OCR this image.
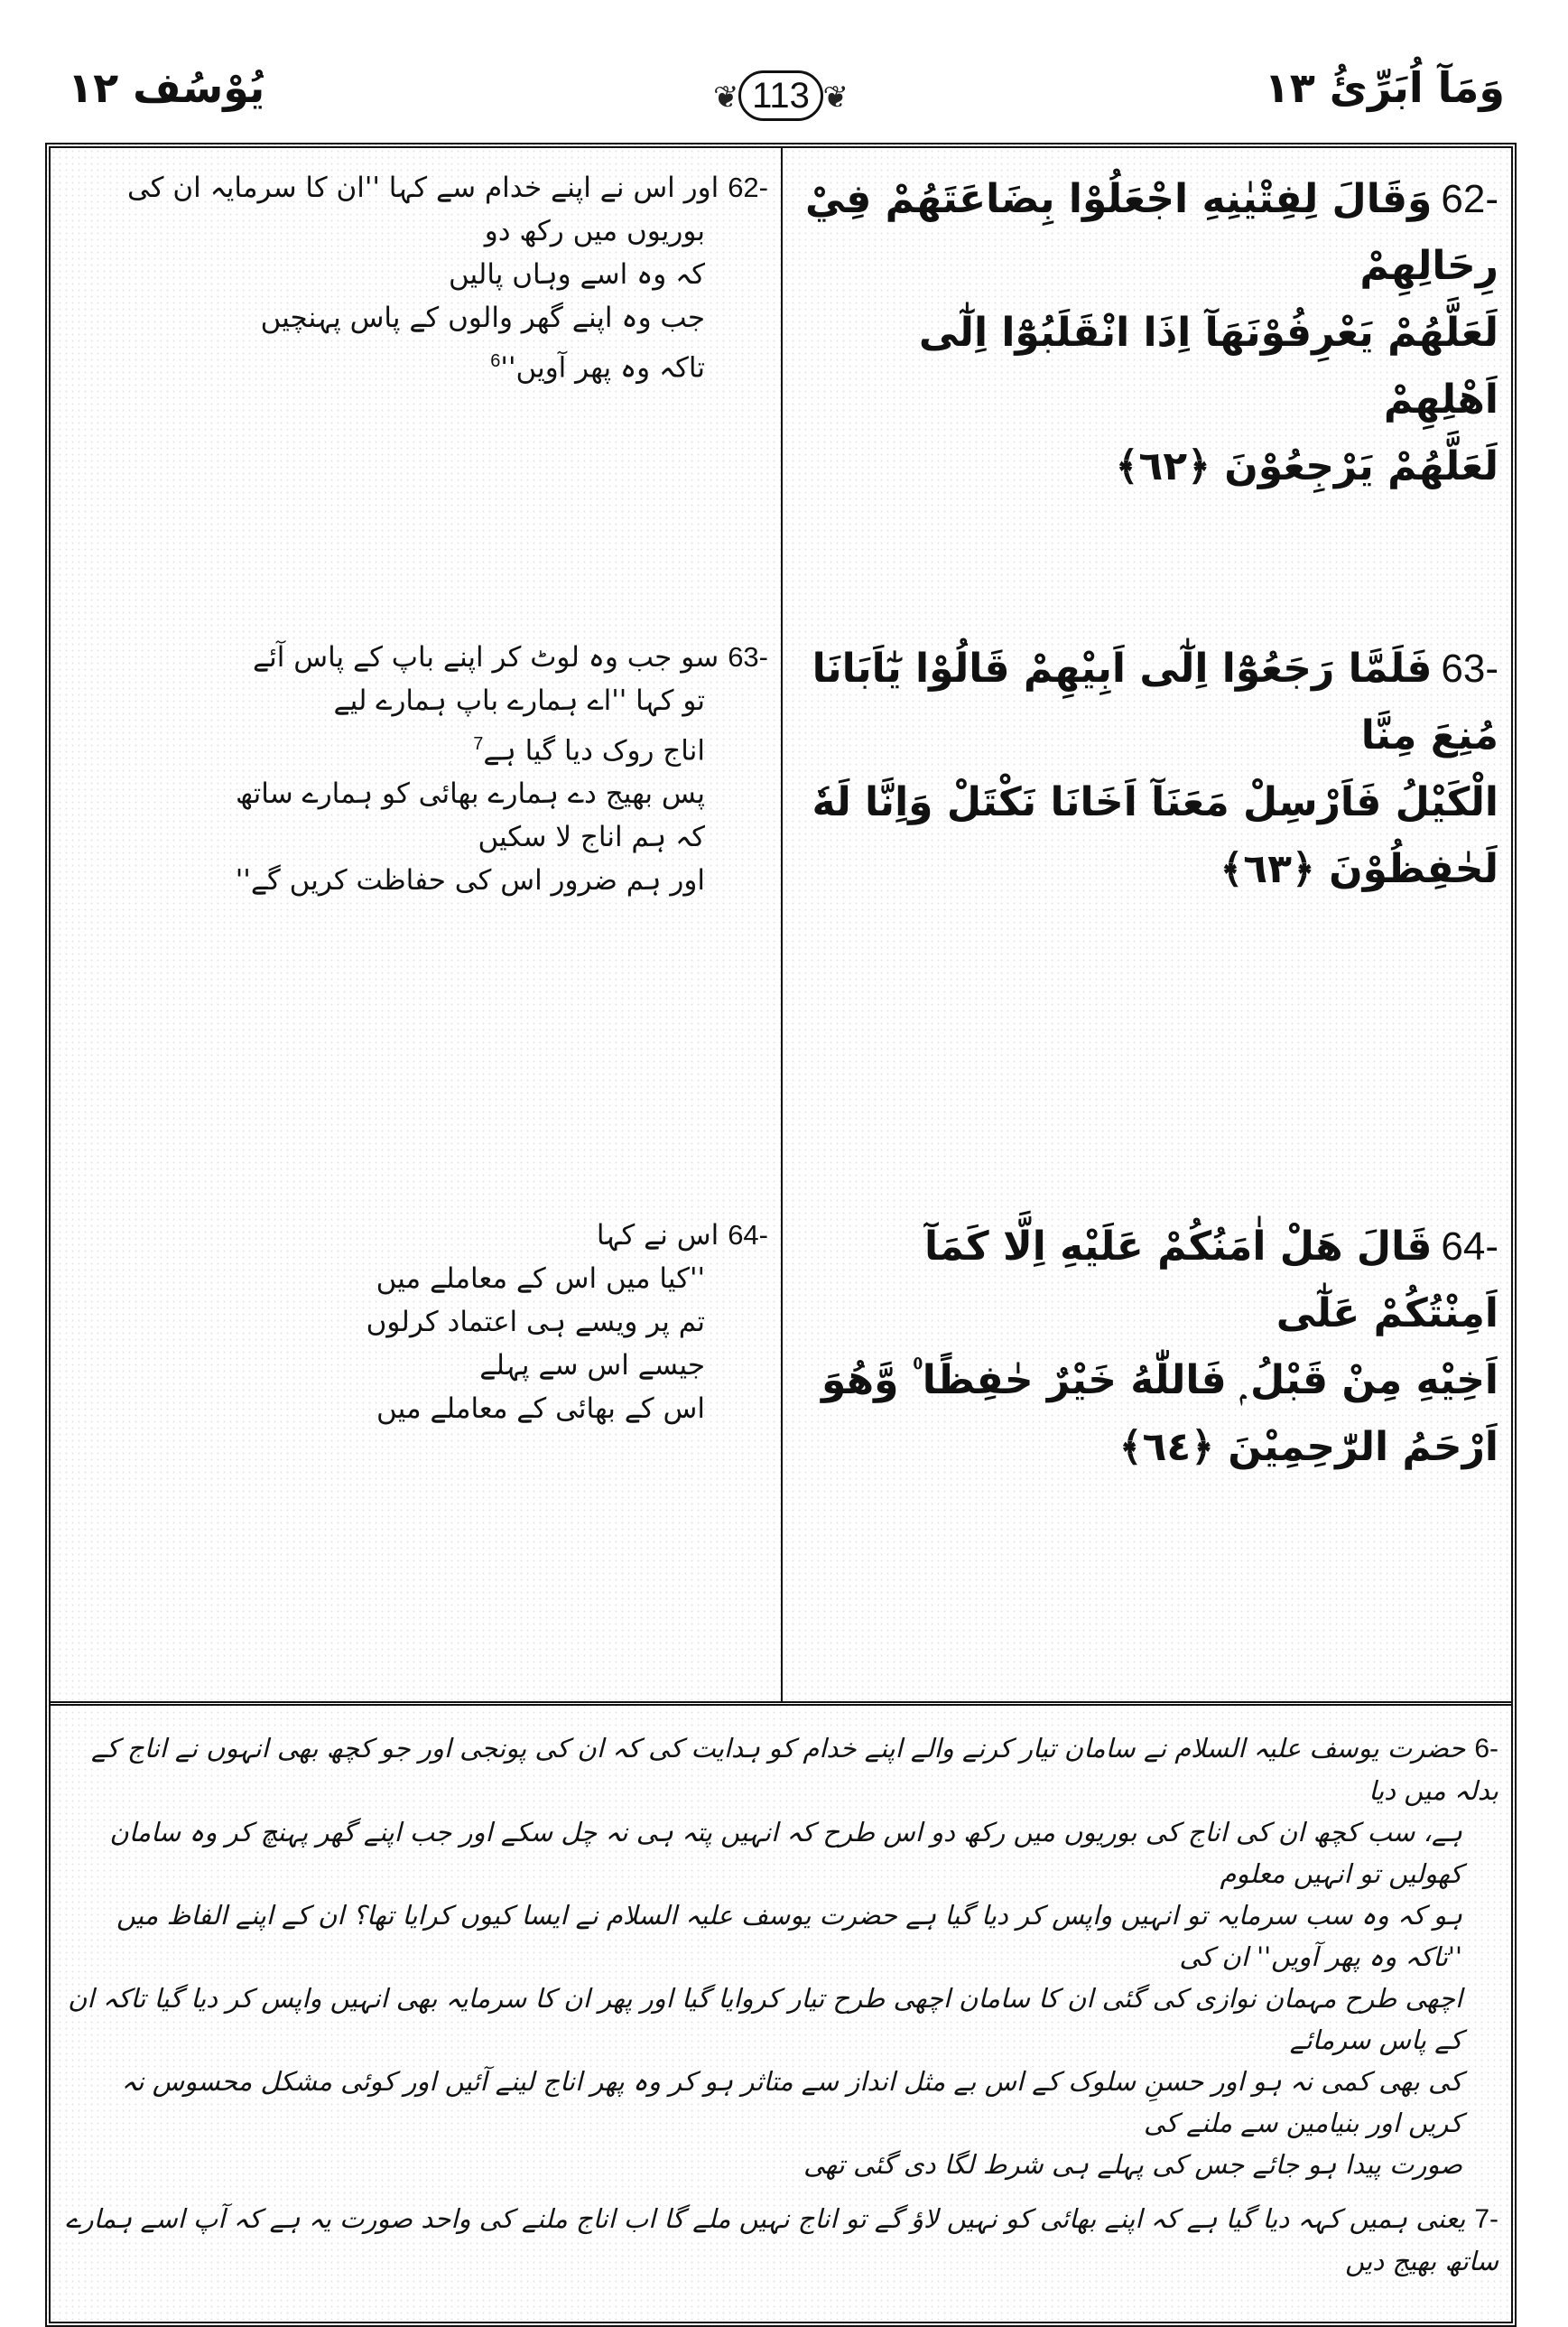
وَمَآ اُبَرِّئُ ١٣
يُوْسُف ١٢	❦ 113 ❦
62-وَقَالَ لِفِتْيٰنِهِ اجْعَلُوْا بِضَاعَتَهُمْ فِيْ رِحَالِهِمْ
لَعَلَّهُمْ يَعْرِفُوْنَهَآ اِذَا انْقَلَبُوْٓا اِلٰٓى اَهْلِهِمْ
لَعَلَّهُمْ يَرْجِعُوْنَ ﴿٦٢﴾
62-اور اس نے اپنے خدام سے کہا ''ان کا سرمایہ ان کی
بوریوں میں رکھ دو
کہ وہ اسے وہاں پالیں
جب وہ اپنے گھر والوں کے پاس پہنچیں
تاکہ وہ پھر $آویں''^6$
63-فَلَمَّا رَجَعُوْٓا اِلٰٓى اَبِيْهِمْ قَالُوْا يٰٓاَبَانَا مُنِعَ مِنَّا
الْكَيْلُ فَاَرْسِلْ مَعَنَآ اَخَانَا نَكْتَلْ وَاِنَّا لَهٗ
لَحٰفِظُوْنَ ﴿٦٣﴾
63-سو جب وہ لوٹ کر اپنے باپ کے پاس آئے
تو کہا ''اے ہمارے باپ ہمارے لیے
اناج روک دیا گیا ہے$^7$
پس بھیج دے ہمارے بھائی کو ہمارے ساتھ
کہ ہم اناج لا سکیں
اور ہم ضرور اس کی حفاظت کریں گے''
64-قَالَ هَلْ اٰمَنُكُمْ عَلَيْهِ اِلَّا كَمَآ اَمِنْتُكُمْ عَلٰٓى
اَخِيْهِ مِنْ قَبْلُ ۭ فَاللّٰهُ خَيْرٌ حٰفِظًا ۠ وَّهُوَ
اَرْحَمُ الرّٰحِمِيْنَ ﴿٦٤﴾
64-اس نے کہا
''کیا میں اس کے معاملے میں
تم پر ویسے ہی اعتماد کرلوں
جیسے اس سے پہلے
اس کے بھائی کے معاملے میں
6-حضرت یوسف علیہ السلام نے سامان تیار کرنے والے اپنے خدام کو ہدایت کی کہ ان کی پونجی اور جو کچھ بھی انہوں نے اناج کے بدلہ میں دیا
ہے، سب کچھ ان کی اناج کی بوریوں میں رکھ دو اس طرح کہ انہیں پتہ ہی نہ چل سکے اور جب اپنے گھر پہنچ کر وہ سامان کھولیں تو انہیں معلوم
ہو کہ وہ سب سرمایہ تو انہیں واپس کر دیا گیا ہے حضرت یوسف علیہ السلام نے ایسا کیوں کرایا تھا؟ ان کے اپنے الفاظ میں ''تاکہ وہ پھر آویں'' ان کی
اچھی طرح مہمان نوازی کی گئی ان کا سامان اچھی طرح تیار کروایا گیا اور پھر ان کا سرمایہ بھی انہیں واپس کر دیا گیا تاکہ ان کے پاس سرمائے
کی بھی کمی نہ ہو اور حسنِ سلوک کے اس بے مثل انداز سے متاثر ہو کر وہ پھر اناج لینے آئیں اور کوئی مشکل محسوس نہ کریں اور بنیامین سے ملنے کی
صورت پیدا ہو جائے جس کی پہلے ہی شرط لگا دی گئی تھی
7-یعنی ہمیں کہہ دیا گیا ہے کہ اپنے بھائی کو نہیں لاؤ گے تو اناج نہیں ملے گا اب اناج ملنے کی واحد صورت یہ ہے کہ آپ اسے ہمارے ساتھ بھیج دیں
